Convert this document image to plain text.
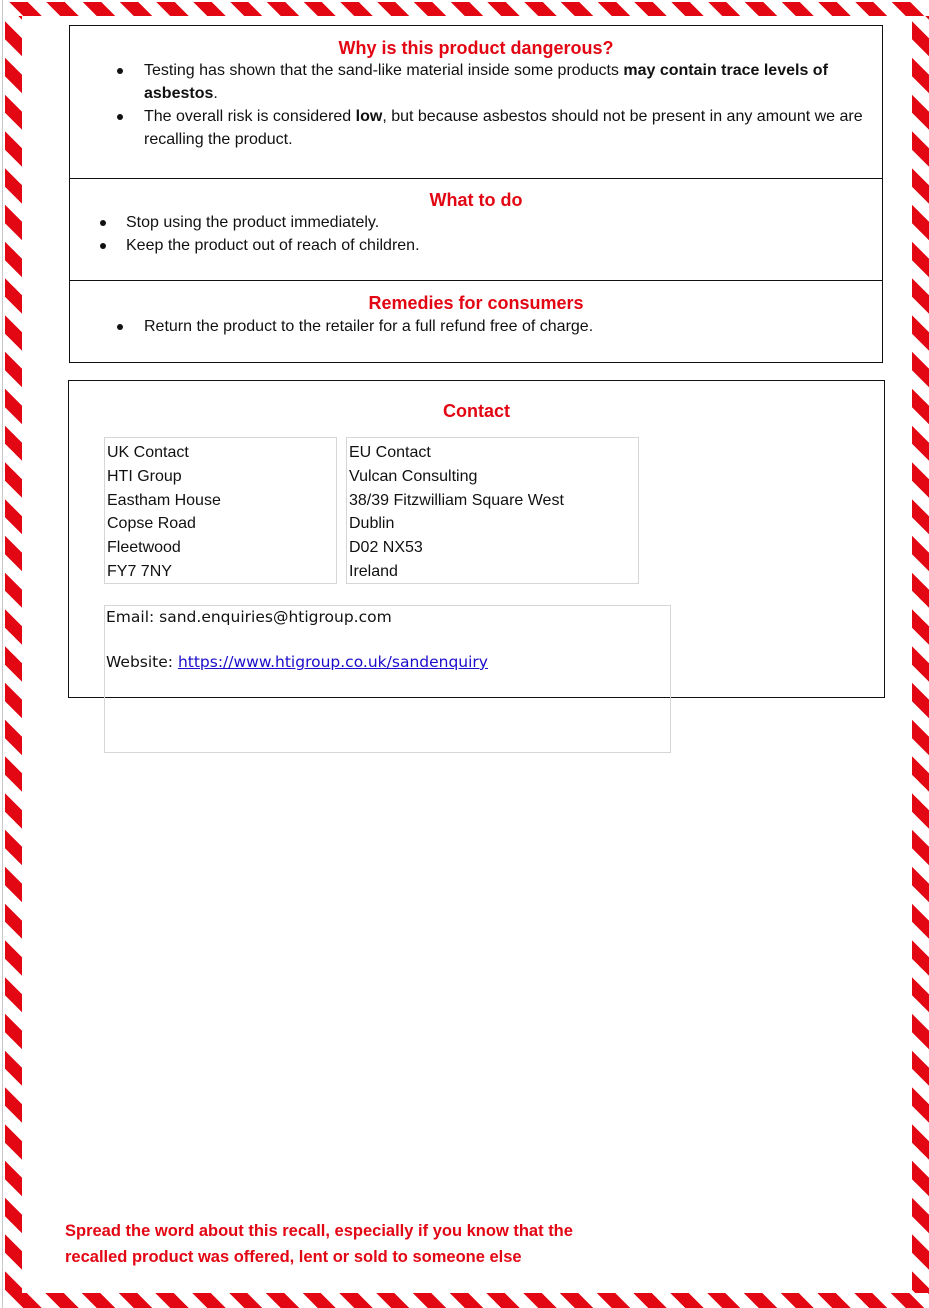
Why is this product dangerous?
Testing has shown that the sand-like material inside some products may contain trace levels of asbestos.
The overall risk is considered low, but because asbestos should not be present in any amount we are recalling the product.
What to do
Stop using the product immediately.
Keep the product out of reach of children.
Remedies for consumers
Return the product to the retailer for a full refund free of charge.
Contact
UK Contact
HTI Group
Eastham House
Copse Road
Fleetwood
FY7 7NY
EU Contact
Vulcan Consulting
38/39 Fitzwilliam Square West
Dublin
D02 NX53
Ireland
Email: sand.enquiries@htigroup.com
Website: https://www.htigroup.co.uk/sandenquiry
Spread the word about this recall, especially if you know that the
recalled product was offered, lent or sold to someone else
